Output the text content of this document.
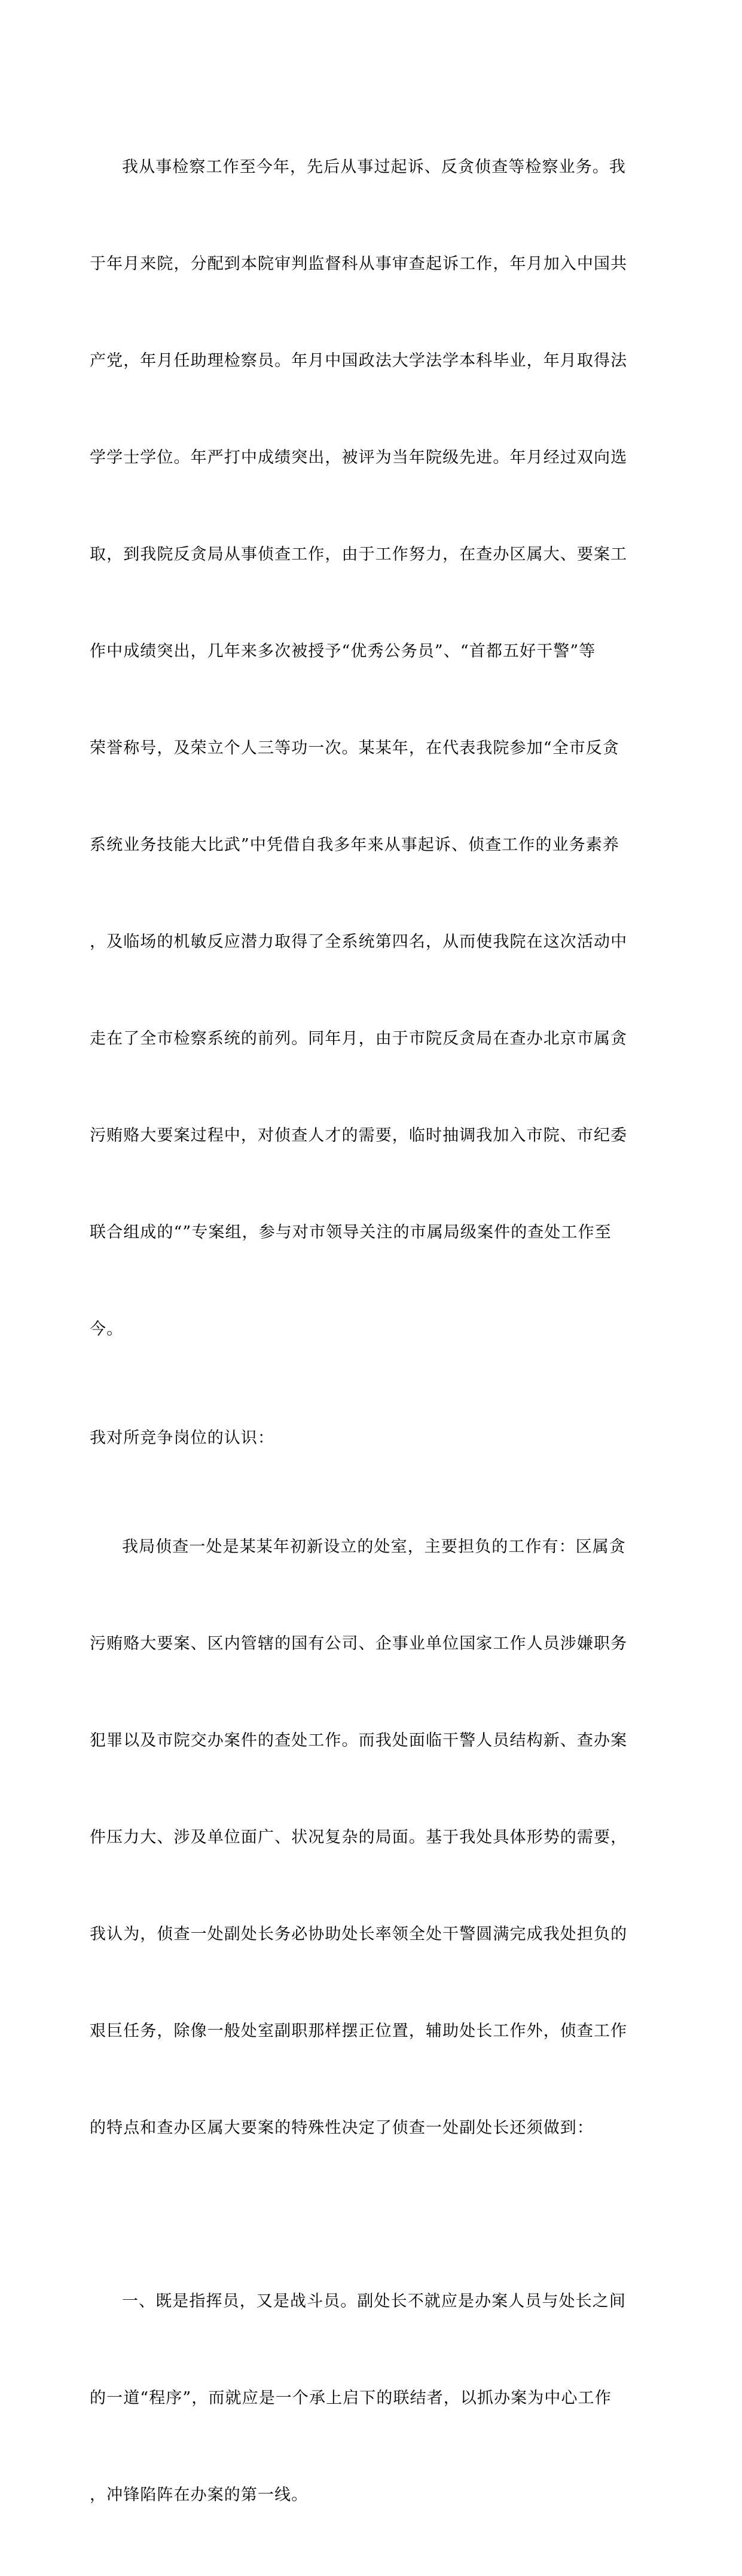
我从事检察工作至今年，先后从事过起诉、反贪侦查等检察业务。我

于年月来院，分配到本院审判监督科从事审查起诉工作，年月加入中国共

产党，年月任助理检察员。年月中国政法大学法学本科毕业，年月取得法

学学士学位。年严打中成绩突出，被评为当年院级先进。年月经过双向选

取，到我院反贪局从事侦查工作，由于工作努力，在查办区属大、要案工

作中成绩突出，几年来多次被授予“优秀公务员”、“首都五好干警”等

荣誉称号，及荣立个人三等功一次。某某年，在代表我院参加“全市反贪

系统业务技能大比武”中凭借自我多年来从事起诉、侦查工作的业务素养

，及临场的机敏反应潜力取得了全系统第四名，从而使我院在这次活动中

走在了全市检察系统的前列。同年月，由于市院反贪局在查办北京市属贪

污贿赂大要案过程中，对侦查人才的需要，临时抽调我加入市院、市纪委

联合组成的“”专案组，参与对市领导关注的市属局级案件的查处工作至

今。

我对所竞争岗位的认识：

我局侦查一处是某某年初新设立的处室，主要担负的工作有：区属贪

污贿赂大要案、区内管辖的国有公司、企事业单位国家工作人员涉嫌职务

犯罪以及市院交办案件的查处工作。而我处面临干警人员结构新、查办案

件压力大、涉及单位面广、状况复杂的局面。基于我处具体形势的需要，

我认为，侦查一处副处长务必协助处长率领全处干警圆满完成我处担负的

艰巨任务，除像一般处室副职那样摆正位置，辅助处长工作外，侦查工作

的特点和查办区属大要案的特殊性决定了侦查一处副处长还须做到：

一、既是指挥员，又是战斗员。副处长不就应是办案人员与处长之间

的一道“程序”，而就应是一个承上启下的联结者，以抓办案为中心工作

，冲锋陷阵在办案的第一线。
